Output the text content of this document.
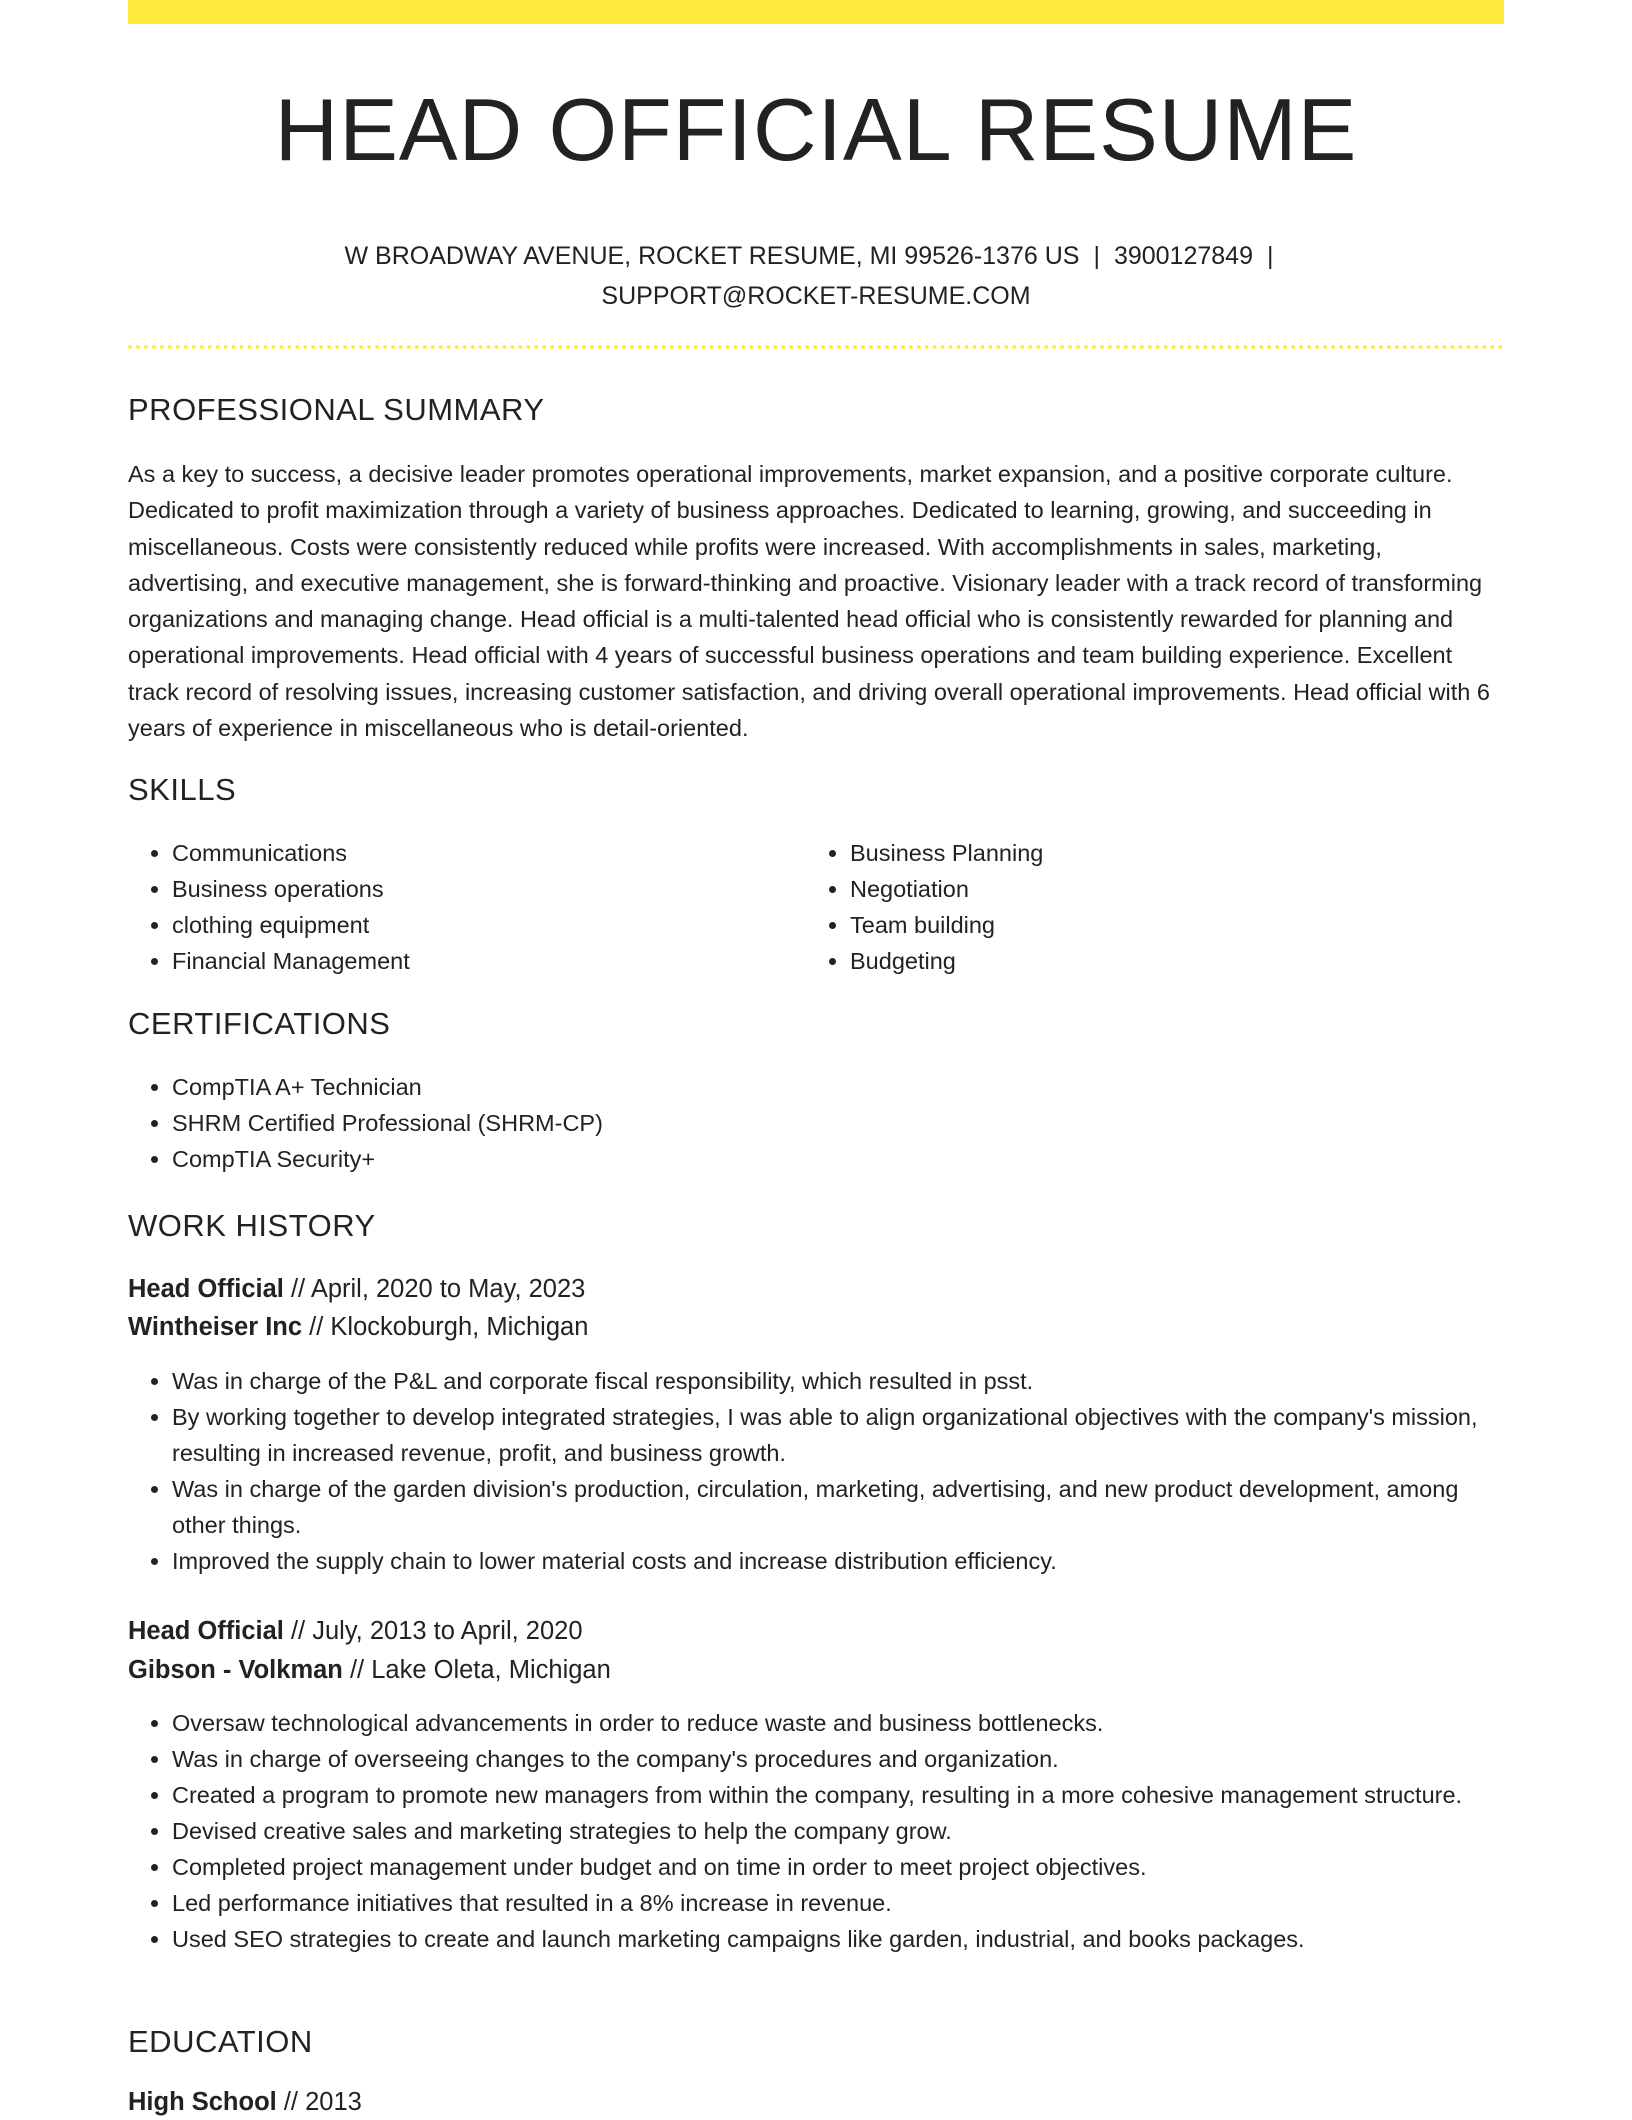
HEAD OFFICIAL RESUME
W BROADWAY AVENUE, ROCKET RESUME, MI 99526-1376 US | 3900127849 |
SUPPORT@ROCKET-RESUME.COM
PROFESSIONAL SUMMARY

As a key to success, a decisive leader promotes operational improvements, market expansion, and a positive corporate culture. Dedicated to profit maximization through a variety of business approaches. Dedicated to learning, growing, and succeeding in miscellaneous. Costs were consistently reduced while profits were increased. With accomplishments in sales, marketing, advertising, and executive management, she is forward-thinking and proactive. Visionary leader with a track record of transforming organizations and managing change. Head official is a multi-talented head official who is consistently rewarded for planning and operational improvements. Head official with 4 years of successful business operations and team building experience. Excellent track record of resolving issues, increasing customer satisfaction, and driving overall operational improvements. Head official with 6 years of experience in miscellaneous who is detail-oriented.

SKILLS
• Communications
• Business operations
• clothing equipment
• Financial Management
• Business Planning
• Negotiation
• Team building
• Budgeting
CERTIFICATIONS
• CompTIA A+ Technician
• SHRM Certified Professional (SHRM-CP)
• CompTIA Security+
WORK HISTORY
Head Official // April, 2020 to May, 2023
Wintheiser Inc // Klockoburgh, Michigan
• Was in charge of the P&L and corporate fiscal responsibility, which resulted in psst.
• By working together to develop integrated strategies, I was able to align organizational objectives with the company's mission, resulting in increased revenue, profit, and business growth.
• Was in charge of the garden division's production, circulation, marketing, advertising, and new product development, among other things.
• Improved the supply chain to lower material costs and increase distribution efficiency.
Head Official // July, 2013 to April, 2020
Gibson - Volkman // Lake Oleta, Michigan
• Oversaw technological advancements in order to reduce waste and business bottlenecks.
• Was in charge of overseeing changes to the company's procedures and organization.
• Created a program to promote new managers from within the company, resulting in a more cohesive management structure.
• Devised creative sales and marketing strategies to help the company grow.
• Completed project management under budget and on time in order to meet project objectives.
• Led performance initiatives that resulted in a 8% increase in revenue.
• Used SEO strategies to create and launch marketing campaigns like garden, industrial, and books packages.
EDUCATION
High School // 2013
